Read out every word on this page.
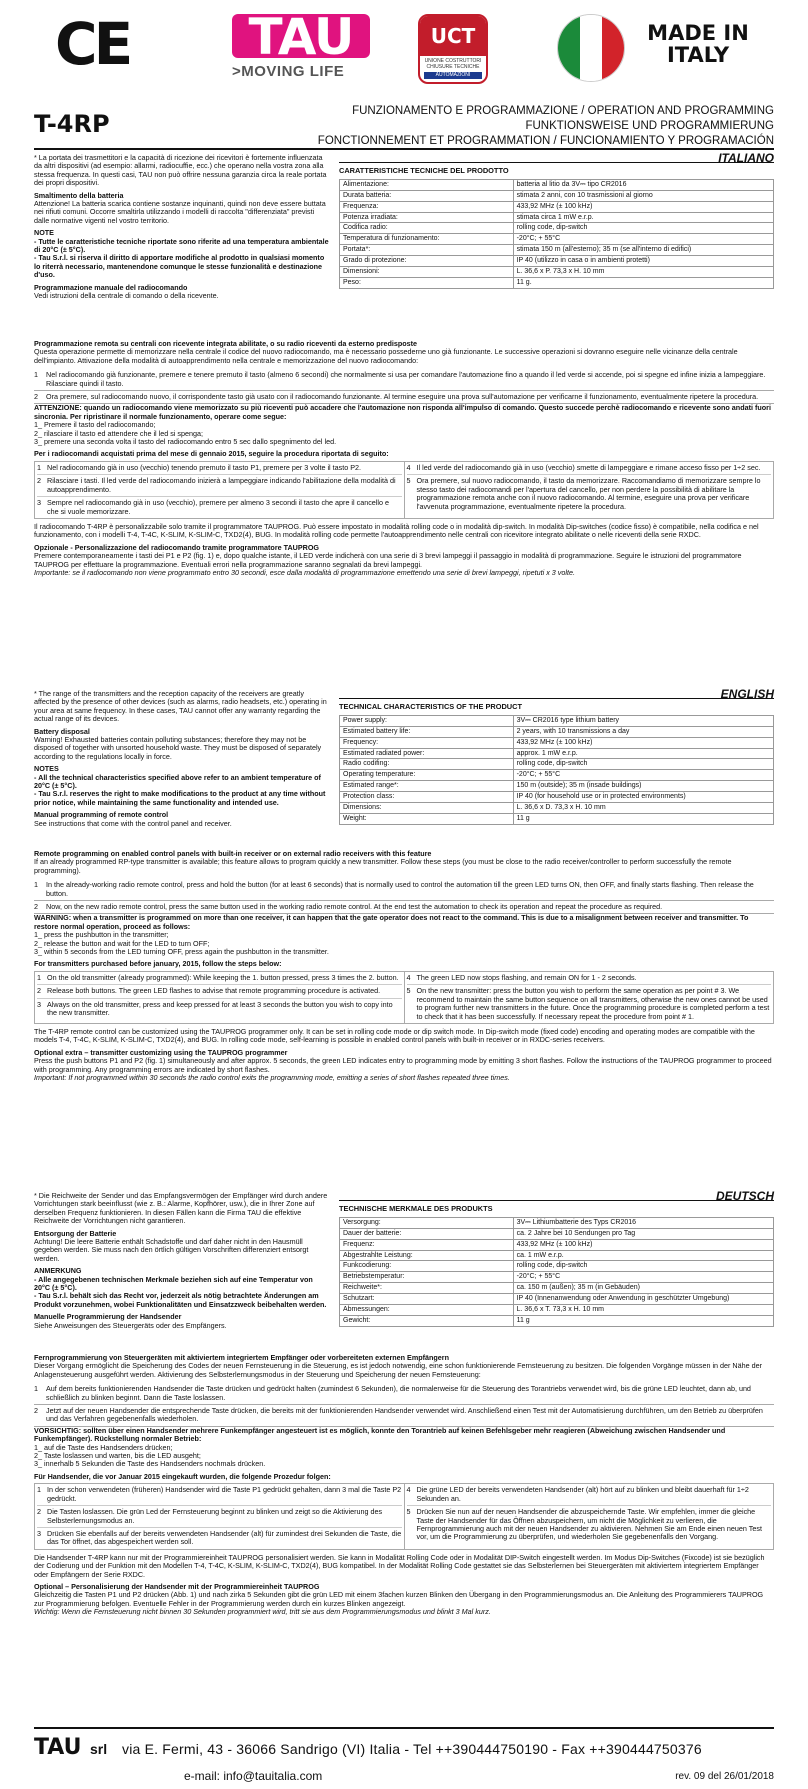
CE	TAU
>MOVING LIFE
UCT
UNIONE COSTRUTTORI CHIUSURE TECNICHE
AUTOMAZIONI
MADE IN
ITALY
T-4RP	FUNZIONAMENTO E PROGRAMMAZIONE / OPERATION AND PROGRAMMING
FUNKTIONSWEISE UND PROGRAMMIERUNG
FONCTIONNEMENT ET PROGRAMMATION / FUNCIONAMIENTO Y PROGRAMACIÓN

* La portata dei trasmettitori e la capacità di ricezione dei ricevitori è fortemente influenzata da altri dispositivi (ad esempio: allarmi, radiocuffie, ecc.) che operano nella vostra zona alla stessa frequenza. In questi casi, TAU non può offrire nessuna garanzia circa la reale portata dei propri dispositivi.

Smaltimento della batteria

Attenzione! La batteria scarica contiene sostanze inquinanti, quindi non deve essere buttata nei rifiuti comuni. Occorre smaltirla utilizzando i modelli di raccolta "differenziata" previsti dalle normative vigenti nel vostro territorio.

NOTE
- Tutte le caratteristiche tecniche riportate sono riferite ad una temperatura ambientale di 20°C (± 5°C).
- Tau S.r.l. si riserva il diritto di apportare modifiche al prodotto in qualsiasi momento lo riterrà necessario, mantenendone comunque le stesse funzionalità e destinazione d'uso.
Programmazione manuale del radiocomando

Vedi istruzioni della centrale di comando o della ricevente.

ITALIANO
CARATTERISTICHE TECNICHE DEL PRODOTTO
Alimentazione:	batteria al litio da 3V⎓ tipo CR2016
Durata batteria:	stimata 2 anni, con 10 trasmissioni al giorno
Frequenza:	433,92 MHz (± 100 kHz)
Potenza irradiata:	stimata circa 1 mW e.r.p.
Codifica radio:	rolling code, dip-switch
Temperatura di funzionamento:	-20°C; + 55°C
Portata*:	stimata 150 m (all'esterno); 35 m (se all'interno di edifici)
Grado di protezione:	IP 40 (utilizzo in casa o in ambienti protetti)
Dimensioni:	L. 36,6 x P. 73,3 x H. 10 mm
Peso:	11 g.
Programmazione remota su centrali con ricevente integrata abilitate, o su radio riceventi da esterno predisposte

Questa operazione permette di memorizzare nella centrale il codice del nuovo radiocomando, ma è necessario possederne uno già funzionante. Le successive operazioni si dovranno eseguire nelle vicinanze della centrale dell'impianto. Attivazione della modalità di autoapprendimento nella centrale e memorizzazione del nuovo radiocomando:

1	Nel radiocomando già funzionante, premere e tenere premuto il tasto (almeno 6 secondi) che normalmente si usa per comandare l'automazione fino a quando il led verde si accende, poi si spegne ed infine inizia a lampeggiare. Rilasciare quindi il tasto.
2	Ora premere, sul radiocomando nuovo, il corrispondente tasto già usato con il radiocomando funzionante. Al termine eseguire una prova sull'automazione per verificarne il funzionamento, eventualmente ripetere la procedura.
ATTENZIONE: quando un radiocomando viene memorizzato su più riceventi può accadere che l'automazione non risponda all'impulso di comando. Questo succede perchè radiocomando e ricevente sono andati fuori sincronia. Per ripristinare il normale funzionamento, operare come segue:
1_ Premere il tasto del radiocomando;
2_ rilasciare il tasto ed attendere che il led si spenga;
3_ premere una seconda volta il tasto del radiocomando entro 5 sec dallo spegnimento del led.
Per i radiocomandi acquistati prima del mese di gennaio 2015, seguire la procedura riportata di seguito:
1 Nel radiocomando già in uso (vecchio) tenendo premuto il tasto P1, premere per 3 volte il tasto P2.
2 Rilasciare i tasti. Il led verde del radiocomando inizierà a lampeggiare indicando l'abilitazione della modalità di autoapprendimento.
3 Sempre nel radiocomando già in uso (vecchio), premere per almeno 3 secondi il tasto che apre il cancello e che si vuole memorizzare.
4 Il led verde del radiocomando già in uso (vecchio) smette di lampeggiare e rimane acceso fisso per 1÷2 sec.
5 Ora premere, sul nuovo radiocomando, il tasto da memorizzare. Raccomandiamo di memorizzare sempre lo stesso tasto dei radiocomandi per l'apertura del cancello, per non perdere la possibilità di abilitare la programmazione remota anche con il nuovo radiocomando. Al termine, eseguire una prova per verificare l'avvenuta programmazione, eventualmente ripetere la procedura.

Il radiocomando T-4RP è personalizzabile solo tramite il programmatore TAUPROG. Può essere impostato in modalità rolling code o in modalità dip-switch. In modalità Dip-switches (codice fisso) è compatibile, nella codifica e nel funzionamento, con i modelli T-4, T-4C, K-SLIM, K-SLIM-C, TXD2(4), BUG. In modalità rolling code permette l'autoapprendimento nelle centrali con ricevitore integrato abilitate o nelle riceventi della serie RXDC.

Opzionale - Personalizzazione del radiocomando tramite programmatore TAUPROG
Premere contemporaneamente i tasti dei P1 e P2 (fig. 1) e, dopo qualche istante, il LED verde indicherà con una serie di 3 brevi lampeggi il passaggio in modalità di programmazione. Seguire le istruzioni del programmatore TAUPROG per effettuare la programmazione. Eventuali errori nella programmazione saranno segnalati da brevi lampeggi.
Importante: se il radiocomando non viene programmato entro 30 secondi, esce dalla modalità di programmazione emettendo una serie di brevi lampeggi, ripetuti x 3 volte.

* The range of the transmitters and the reception capacity of the receivers are greatly affected by the presence of other devices (such as alarms, radio headsets, etc.) operating in your area at same frequency. In these cases, TAU cannot offer any warranty regarding the actual range of its devices.

Battery disposal

Warning! Exhausted batteries contain polluting substances; therefore they may not be disposed of together with unsorted household waste. They must be disposed of separately according to the regulations locally in force.

NOTES
- All the technical characteristics specified above refer to an ambient temperature of 20°C (± 5°C).
- Tau S.r.l. reserves the right to make modifications to the product at any time without prior notice, while maintaining the same functionality and intended use.
Manual programming of remote control

See instructions that come with the control panel and receiver.

ENGLISH
TECHNICAL CHARACTERISTICS OF THE PRODUCT
Power supply:	3V⎓ CR2016 type lithium battery
Estimated battery life:	2 years, with 10 transmissions a day
Frequency:	433,92 MHz (± 100 kHz)
Estimated radiated power:	approx. 1 mW e.r.p.
Radio codifing:	rolling code, dip-switch
Operating temperature:	-20°C; + 55°C
Estimated range*:	150 m (outside); 35 m (insade buildings)
Protection class:	IP 40 (for household use or in protected environments)
Dimensions:	L. 36,6 x D. 73,3 x H. 10 mm
Weight:	11 g
Remote programming on enabled control panels with built-in receiver or on external radio receivers with this feature

If an already programmed RP-type transmitter is available; this feature allows to program quickly a new transmitter. Follow these steps (you must be close to the radio receiver/controller to perform successfully the remote programming).

1	In the already-working radio remote control, press and hold the button (for at least 6 seconds) that is normally used to control the automation till the green LED turns ON, then OFF, and finally starts flashing. Then release the button.
2	Now, on the new radio remote control, press the same button used in the working radio remote control. At the end test the automation to check its operation and repeat the procedure as required.
WARNING: when a transmitter is programmed on more than one receiver, it can happen that the gate operator does not react to the command. This is due to a misalignment between receiver and transmitter. To restore normal operation, proceed as follows:
1_ press the pushbutton in the transmitter;
2_ release the button and wait for the LED to turn OFF;
3_ within 5 seconds from the LED turning OFF, press again the pushbutton in the transmitter.
For transmitters purchased before january, 2015, follow the steps below:
1 On the old transmitter (already programmed): While keeping the 1. button pressed, press 3 times the 2. button.
2 Release both buttons. The green LED flashes to advise that remote programming procedure is activated.
3 Always on the old transmitter, press and keep pressed for at least 3 seconds the button you wish to copy into the new transmitter.
4 The green LED now stops flashing, and remain ON for 1 - 2 seconds.
5 On the new transmitter: press the button you wish to perform the same operation as per point # 3. We recommend to maintain the same button sequence on all transmitters, otherwise the new ones cannot be used to program further new transmitters in the future. Once the programming procedure is completed perform a test to check that it has been successfully. If necessary repeat the procedure from point # 1.

The T-4RP remote control can be customized using the TAUPROG programmer only. It can be set in rolling code mode or dip switch mode. In Dip-switch mode (fixed code) encoding and operating modes are compatible with the models T-4, T-4C, K-SLIM, K-SLIM-C, TXD2(4), and BUG. In rolling code mode, self-learning is possible in enabled control panels with built-in receiver or in RXDC-series receivers.

Optional extra – transmitter customizing using the TAUPROG programmer
Press the push buttons P1 and P2 (fig. 1) simultaneously and after approx. 5 seconds, the green LED indicates entry to programming mode by emitting 3 short flashes. Follow the instructions of the TAUPROG programmer to proceed with programming. Any programming errors are indicated by short flashes.
Important: If not programmed within 30 seconds the radio control exits the programming mode, emitting a series of short flashes repeated three times.

* Die Reichweite der Sender und das Empfangsvermögen der Empfänger wird durch andere Vorrichtungen stark beeinflusst (wie z. B.: Alarme, Kopfhörer, usw.), die in Ihrer Zone auf derselben Frequenz funktionieren. In diesen Fällen kann die Firma TAU die effektive Reichweite der Vorrichtungen nicht garantieren.

Entsorgung der Batterie

Achtung! Die leere Batterie enthält Schadstoffe und darf daher nicht in den Hausmüll gegeben werden. Sie muss nach den örtlich gültigen Vorschriften differenziert entsorgt werden.

ANMERKUNG
- Alle angegebenen technischen Merkmale beziehen sich auf eine Temperatur von 20°C (± 5°C).
- Tau S.r.l. behält sich das Recht vor, jederzeit als nötig betrachtete Änderungen am Produkt vorzunehmen, wobei Funktionalitäten und Einsatzzweck beibehalten werden.
Manuelle Programmierung der Handsender

Siehe Anweisungen des Steuergeräts oder des Empfängers.

DEUTSCH
TECHNISCHE MERKMALE DES PRODUKTS
Versorgung:	3V⎓ Lithiumbatterie des Typs CR2016
Dauer der batterie:	ca. 2 Jahre bei 10 Sendungen pro Tag
Frequenz:	433,92 MHz (± 100 kHz)
Abgestrahlte Leistung:	ca. 1 mW e.r.p.
Funkcodierung:	rolling code, dip-switch
Betriebstemperatur:	-20°C; + 55°C
Reichweite*:	ca. 150 m (außen); 35 m (in Gebäuden)
Schutzart:	IP 40 (Innenanwendung oder Anwendung in geschützter Umgebung)
Abmessungen:	L. 36,6 x T. 73,3 x H. 10 mm
Gewicht:	11 g
Fernprogrammierung von Steuergeräten mit aktiviertem integriertem Empfänger oder vorbereiteten externen Empfängern

Dieser Vorgang ermöglicht die Speicherung des Codes der neuen Fernsteuerung in die Steuerung, es ist jedoch notwendig, eine schon funktionierende Fernsteuerung zu besitzen. Die folgenden Vorgänge müssen in der Nähe der Anlagensteuerung ausgeführt werden. Aktivierung des Selbsterlernungsmodus in der Steuerung und Speicherung der neuen Fernsteuerung:

1	Auf dem bereits funktionierenden Handsender die Taste drücken und gedrückt halten (zumindest 6 Sekunden), die normalerweise für die Steuerung des Torantriebs verwendet wird, bis die grüne LED leuchtet, dann ab, und schließlich zu blinken beginnt. Dann die Taste loslassen.
2	Jetzt auf der neuen Handsender die entsprechende Taste drücken, die bereits mit der funktionierenden Handsender verwendet wird. Anschließend einen Test mit der Automatisierung durchführen, um den Betrieb zu überprüfen und das Verfahren gegebenenfalls wiederholen.
VORSICHTIG: sollten über einen Handsender mehrere Funkempfänger angesteuert ist es möglich, konnte den Torantrieb auf keinen Befehlsgeber mehr reagieren (Abweichung zwischen Handsender und Funkempfänger). Rückstellung normaler Betrieb:
1_ auf die Taste des Handsenders drücken;
2_ Taste loslassen und warten, bis die LED ausgeht;
3_ innerhalb 5 Sekunden die Taste des Handsenders nochmals drücken.
Für Handsender, die vor Januar 2015 eingekauft wurden, die folgende Prozedur folgen:
1 In der schon verwendeten (früheren) Handsender wird die Taste P1 gedrückt gehalten, dann 3 mal die Taste P2 gedrückt.
2 Die Tasten loslassen. Die grün Led der Fernsteuerung beginnt zu blinken und zeigt so die Aktivierung des Selbsterlernungsmodus an.
3 Drücken Sie ebenfalls auf der bereits verwendeten Handsender (alt) für zumindest drei Sekunden die Taste, die das Tor öffnet, das abgespeichert werden soll.
4 Die grüne LED der bereits verwendeten Handsender (alt) hört auf zu blinken und bleibt dauerhaft für 1÷2 Sekunden an.
5 Drücken Sie nun auf der neuen Handsender die abzuspeichernde Taste. Wir empfehlen, immer die gleiche Taste der Handsender für das Öffnen abzuspeichern, um nicht die Möglichkeit zu verlieren, die Fernprogrammierung auch mit der neuen Handsender zu aktivieren. Nehmen Sie am Ende einen neuen Test vor, um die Programmierung zu überprüfen, und wiederholen Sie gegebenenfalls den Vorgang.

Die Handsender T-4RP kann nur mit der Programmiereinheit TAUPROG personalisiert werden. Sie kann in Modalität Rolling Code oder in Modalität DIP-Switch eingestellt werden. Im Modus Dip-Switches (Fixcode) ist sie bezüglich der Codierung und der Funktion mit den Modellen T-4, T-4C, K-SLIM, K-SLIM-C, TXD2(4), BUG kompatibel. In der Modalität Rolling Code gestattet sie das Selbsterlernen bei Steuergeräten mit aktiviertem integriertem Empfänger oder Empfängern der Serie RXDC.

Optional – Personalisierung der Handsender mit der Programmiereinheit TAUPROG
Gleichzeitig die Tasten P1 und P2 drücken (Abb. 1) und nach zirka 5 Sekunden gibt die grün LED mit einem 3fachen kurzen Blinken den Übergang in den Programmierungsmodus an. Die Anleitung des Programmierers TAUPROG zur Programmierung befolgen. Eventuelle Fehler in der Programmierung werden durch ein kurzes Blinken angezeigt.
Wichtig: Wenn die Fernsteuerung nicht binnen 30 Sekunden programmiert wird, tritt sie aus dem Programmierungsmodus und blinkt 3 Mal kurz.
TAU srl via E. Fermi, 43 - 36066 Sandrigo (VI) Italia - Tel ++390444750190 - Fax ++390444750376
e-mail: info@tauitalia.com	rev. 09 del 26/01/2018
